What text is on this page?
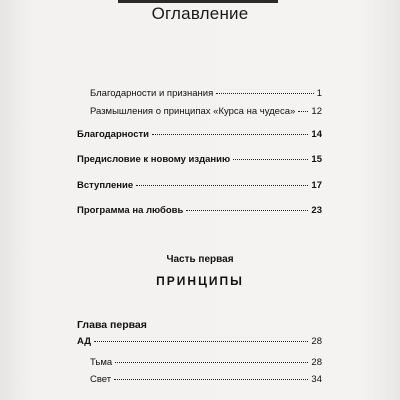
Оглавление
Благодарности и признания	1
Размышления о принципах «Курса на чудеса» 12
Благодарности	14
Предисловие к новому изданию	15
Вступление	17
Программа на любовь	23
Часть первая
ПРИНЦИПЫ
Глава первая
АД	28
Тьма	28
Свет	34
